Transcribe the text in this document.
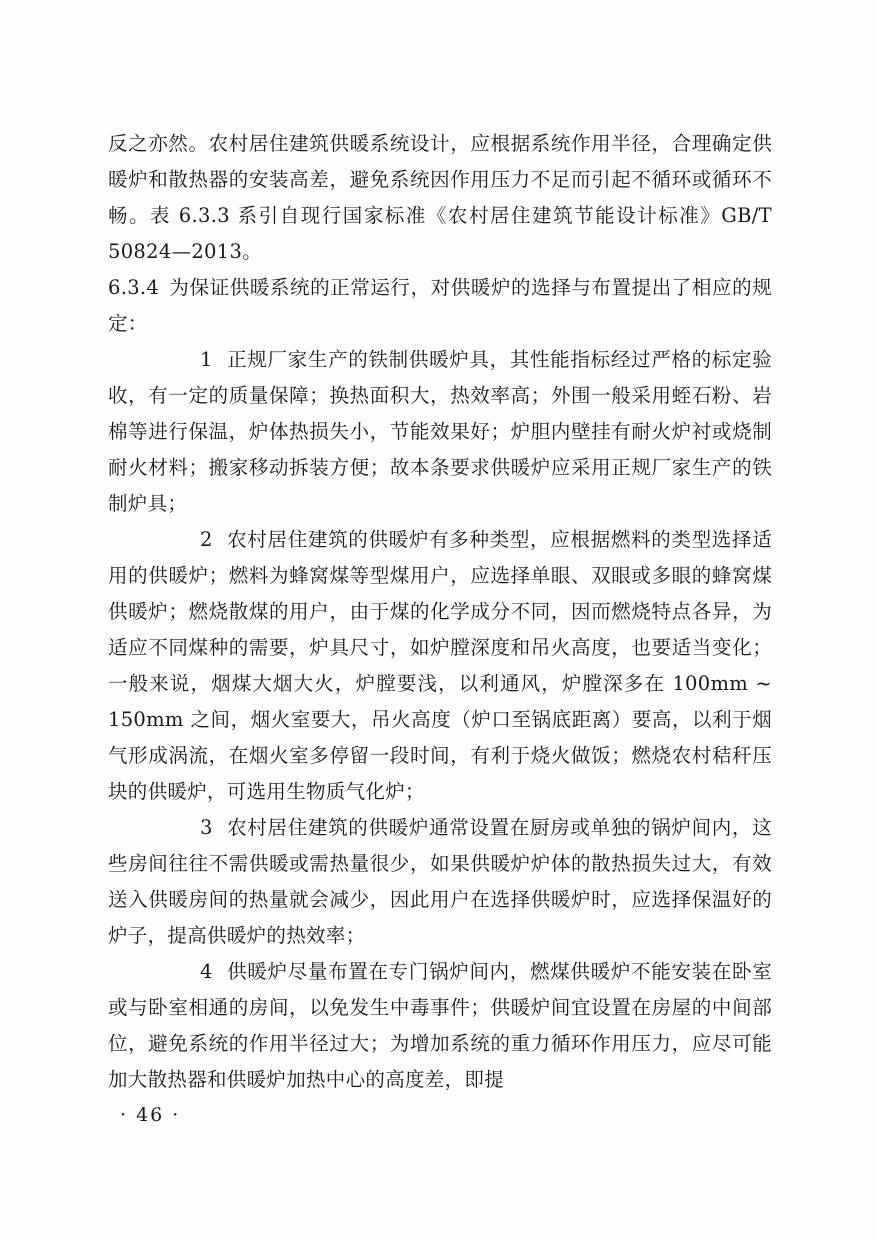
反之亦然。农村居住建筑供暖系统设计，应根据系统作用半径，合理确定供暖炉和散热器的安装高差，避免系统因作用压力不足而引起不循环或循环不畅。表 6.3.3 系引自现行国家标准《农村居住建筑节能设计标准》GB/T 50824—2013。

6.3.4 为保证供暖系统的正常运行，对供暖炉的选择与布置提出了相应的规定：

1 正规厂家生产的铁制供暖炉具，其性能指标经过严格的标定验收，有一定的质量保障；换热面积大，热效率高；外围一般采用蛭石粉、岩棉等进行保温，炉体热损失小，节能效果好；炉胆内壁挂有耐火炉衬或烧制耐火材料；搬家移动拆装方便；故本条要求供暖炉应采用正规厂家生产的铁制炉具；

2 农村居住建筑的供暖炉有多种类型，应根据燃料的类型选择适用的供暖炉；燃料为蜂窝煤等型煤用户，应选择单眼、双眼或多眼的蜂窝煤供暖炉；燃烧散煤的用户，由于煤的化学成分不同，因而燃烧特点各异，为适应不同煤种的需要，炉具尺寸，如炉膛深度和吊火高度，也要适当变化；一般来说，烟煤大烟大火，炉膛要浅，以利通风，炉膛深多在 100mm ~ 150mm 之间，烟火室要大，吊火高度（炉口至锅底距离）要高，以利于烟气形成涡流，在烟火室多停留一段时间，有利于烧火做饭；燃烧农村秸秆压块的供暖炉，可选用生物质气化炉；

3 农村居住建筑的供暖炉通常设置在厨房或单独的锅炉间内，这些房间往往不需供暖或需热量很少，如果供暖炉炉体的散热损失过大，有效送入供暖房间的热量就会减少，因此用户在选择供暖炉时，应选择保温好的炉子，提高供暖炉的热效率；

4 供暖炉尽量布置在专门锅炉间内，燃煤供暖炉不能安装在卧室或与卧室相通的房间，以免发生中毒事件；供暖炉间宜设置在房屋的中间部位，避免系统的作用半径过大；为增加系统的重力循环作用压力，应尽可能加大散热器和供暖炉加热中心的高度差，即提

· 46 ·
